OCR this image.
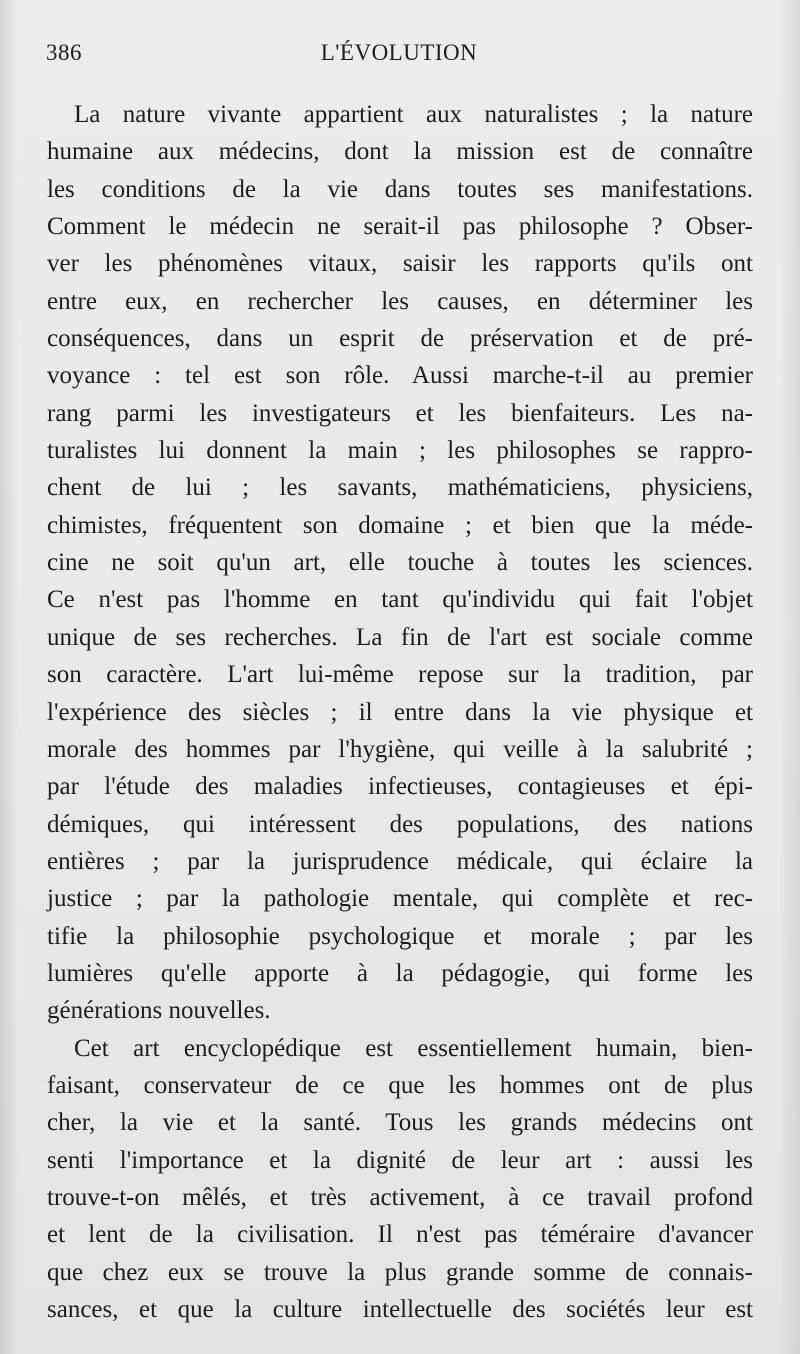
386	L'ÉVOLUTION

La nature vivante appartient aux naturalistes ; la nature
humaine aux médecins, dont la mission est de connaître
les conditions de la vie dans toutes ses manifestations.
Comment le médecin ne serait-il pas philosophe ? Obser-
ver les phénomènes vitaux, saisir les rapports qu'ils ont
entre eux, en rechercher les causes, en déterminer les
conséquences, dans un esprit de préservation et de pré-
voyance : tel est son rôle. Aussi marche-t-il au premier
rang parmi les investigateurs et les bienfaiteurs. Les na-
turalistes lui donnent la main ; les philosophes se rappro-
chent de lui ; les savants, mathématiciens, physiciens,
chimistes, fréquentent son domaine ; et bien que la méde-
cine ne soit qu'un art, elle touche à toutes les sciences.
Ce n'est pas l'homme en tant qu'individu qui fait l'objet
unique de ses recherches. La fin de l'art est sociale comme
son caractère. L'art lui-même repose sur la tradition, par
l'expérience des siècles ; il entre dans la vie physique et
morale des hommes par l'hygiène, qui veille à la salubrité ;
par l'étude des maladies infectieuses, contagieuses et épi-
démiques, qui intéressent des populations, des nations
entières ; par la jurisprudence médicale, qui éclaire la
justice ; par la pathologie mentale, qui complète et rec-
tifie la philosophie psychologique et morale ; par les
lumières qu'elle apporte à la pédagogie, qui forme les
générations nouvelles.

Cet art encyclopédique est essentiellement humain, bien-
faisant, conservateur de ce que les hommes ont de plus
cher, la vie et la santé. Tous les grands médecins ont
senti l'importance et la dignité de leur art : aussi les
trouve-t-on mêlés, et très activement, à ce travail profond
et lent de la civilisation. Il n'est pas téméraire d'avancer
que chez eux se trouve la plus grande somme de connais-
sances, et que la culture intellectuelle des sociétés leur est
